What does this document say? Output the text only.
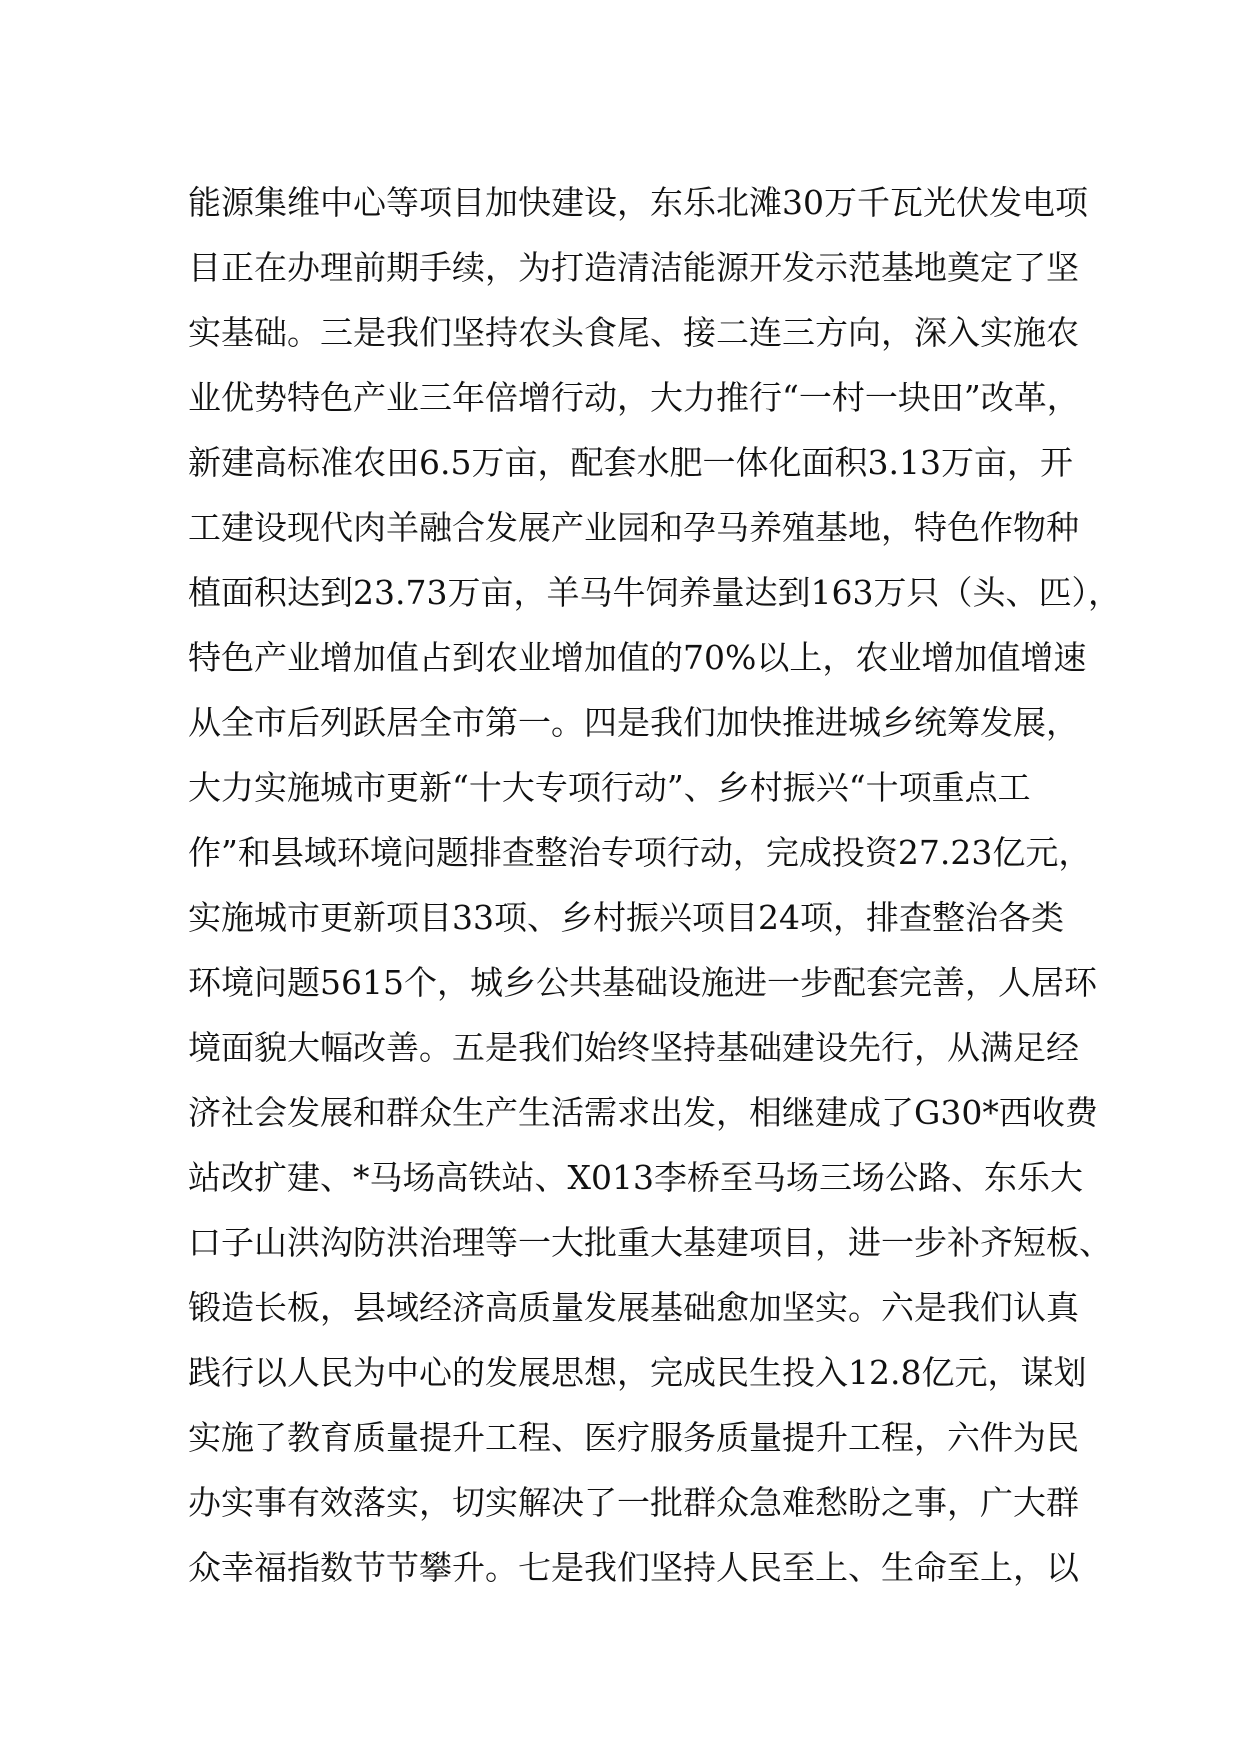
能源集维中心等项目加快建设，东乐北滩30万千瓦光伏发电项
目正在办理前期手续，为打造清洁能源开发示范基地奠定了坚
实基础。三是我们坚持农头食尾、接二连三方向，深入实施农
业优势特色产业三年倍增行动，大力推行“一村一块田”改革，
新建高标准农田6.5万亩，配套水肥一体化面积3.13万亩，开
工建设现代肉羊融合发展产业园和孕马养殖基地，特色作物种
植面积达到23.73万亩，羊马牛饲养量达到163万只（头、匹），
特色产业增加值占到农业增加值的70%以上，农业增加值增速
从全市后列跃居全市第一。四是我们加快推进城乡统筹发展，
大力实施城市更新“十大专项行动”、乡村振兴“十项重点工
作”和县域环境问题排查整治专项行动，完成投资27.23亿元，
实施城市更新项目33项、乡村振兴项目24项，排查整治各类
环境问题5615个，城乡公共基础设施进一步配套完善，人居环
境面貌大幅改善。五是我们始终坚持基础建设先行，从满足经
济社会发展和群众生产生活需求出发，相继建成了G30*西收费
站改扩建、*马场高铁站、X013李桥至马场三场公路、东乐大
口子山洪沟防洪治理等一大批重大基建项目，进一步补齐短板、
锻造长板，县域经济高质量发展基础愈加坚实。六是我们认真
践行以人民为中心的发展思想，完成民生投入12.8亿元，谋划
实施了教育质量提升工程、医疗服务质量提升工程，六件为民
办实事有效落实，切实解决了一批群众急难愁盼之事，广大群
众幸福指数节节攀升。七是我们坚持人民至上、生命至上，以
